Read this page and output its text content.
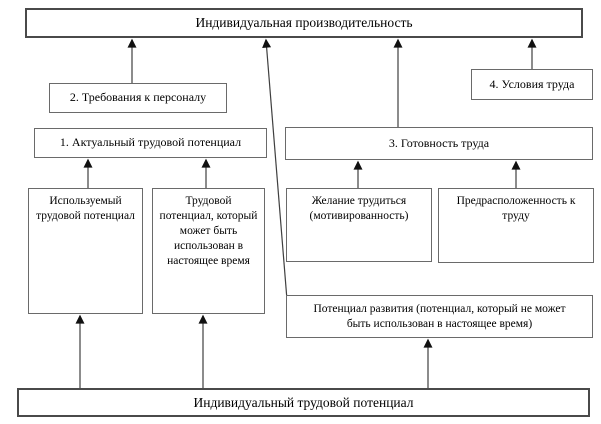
Индивидуальная производительность
2. Требования к персоналу
1. Актуальный трудовой потенциал	3. Готовность труда
4. Условия труда
Используемый трудовой потенциал
Трудовой потенциал, который может быть использован в настоящее время
Желание трудиться (мотивированность)
Предрасположенность к труду
Потенциал развития (потенциал, который не может быть использован в настоящее время)
Индивидуальный трудовой потенциал
